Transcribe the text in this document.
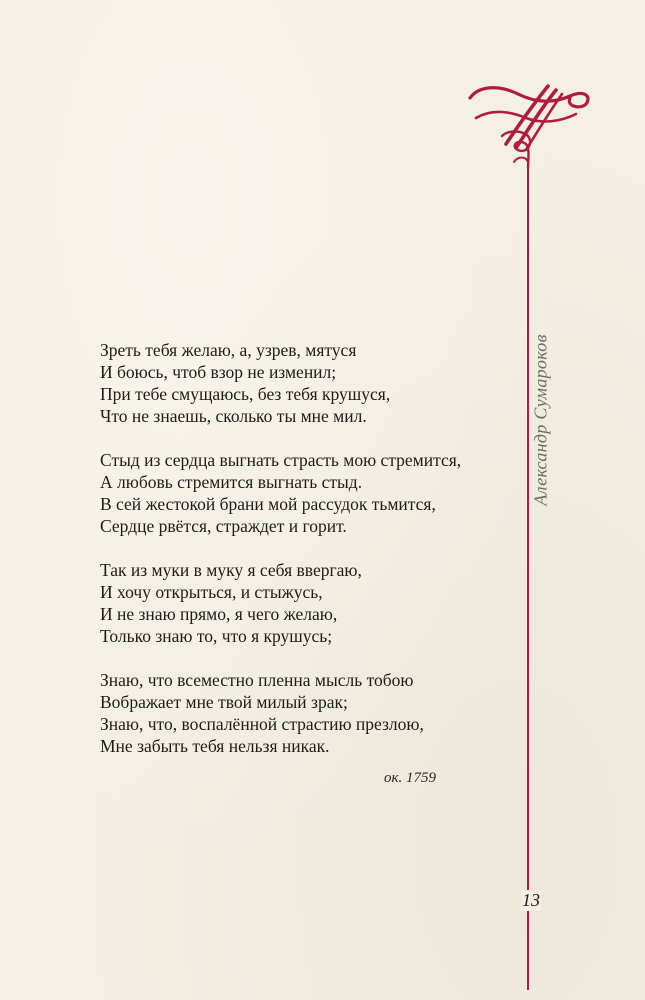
Александр Сумароков
Зреть тебя желаю, а, узрев, мятуся
И боюсь, чтоб взор не изменил;
При тебе смущаюсь, без тебя крушуся,
Что не знаешь, сколько ты мне мил.
Стыд из сердца выгнать страсть мою стремится,
А любовь стремится выгнать стыд.
В сей жестокой брани мой рассудок тьмится,
Сердце рвётся, страждет и горит.
Так из муки в муку я себя ввергаю,
И хочу открыться, и стыжусь,
И не знаю прямо, я чего желаю,
Только знаю то, что я крушусь;
Знаю, что всеместно пленна мысль тобою
Вображает мне твой милый зрак;
Знаю, что, воспалённой страстию презлою,
Мне забыть тебя нельзя никак.
ок. 1759
13
